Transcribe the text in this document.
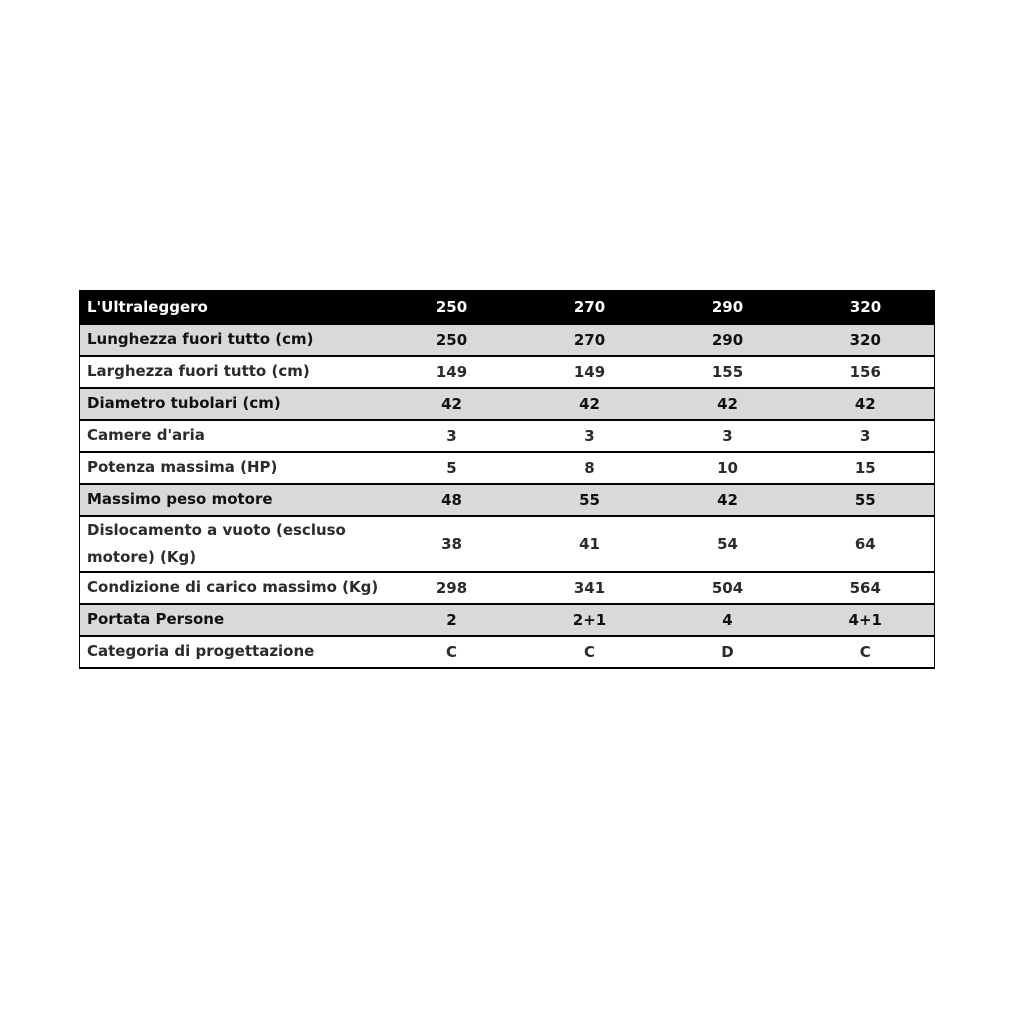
L'Ultraleggero	250	270	290	320
Lunghezza fuori tutto (cm)	250	270	290	320
Larghezza fuori tutto (cm)	149	149	155	156
Diametro tubolari (cm)	42	42	42	42
Camere d'aria	3	3	3	3
Potenza massima (HP)	5	8	10	15
Massimo peso motore	48	55	42	55
Dislocamento a vuoto (escluso motore) (Kg)	38	41	54	64
Condizione di carico massimo (Kg)	298	341	504	564
Portata Persone	2	2+1	4	4+1
Categoria di progettazione	C	C	D	C
